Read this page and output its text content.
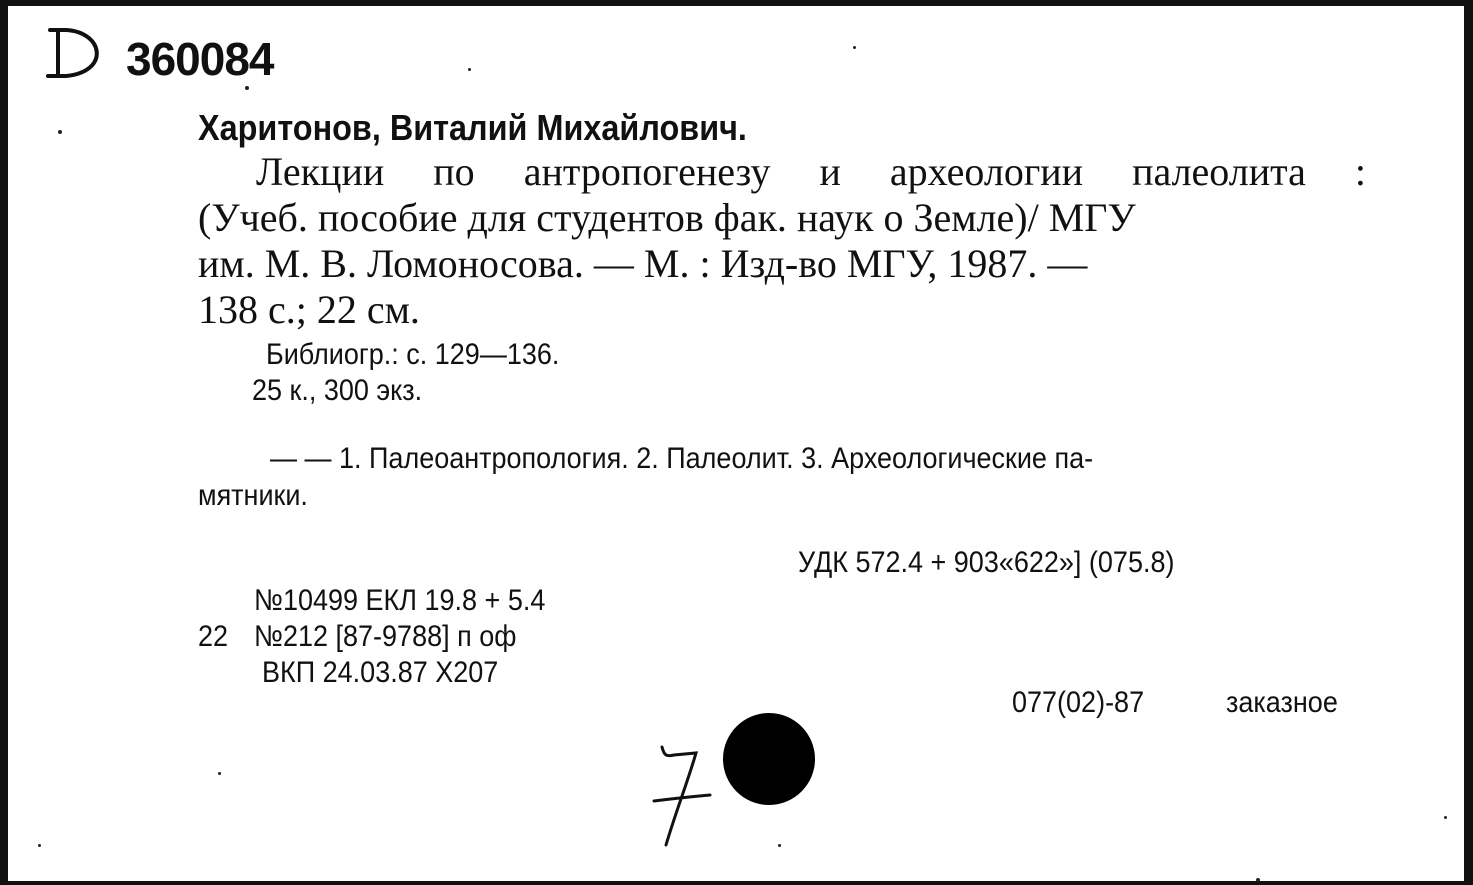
360084
Харитонов, Виталий Михайлович.
Лекции по антропогенезу и археологии палеолита :
(Учеб. пособие для студентов фак. наук о Земле)/ МГУ
им. М. В. Ломоносова. — М. : Изд-во МГУ, 1987. —
138 с.; 22 см.
Библиогр.: с. 129—136.
25 к., 300 экз.
— — 1. Палеоантропология. 2. Палеолит. 3. Археологические па-
мятники.
УДК 572.4 + 903«622»] (075.8)
№10499 ЕКЛ 19.8 + 5.4
22 №212 [87-9788] п оф
ВКП 24.03.87 Х207
077(02)-87	заказное
